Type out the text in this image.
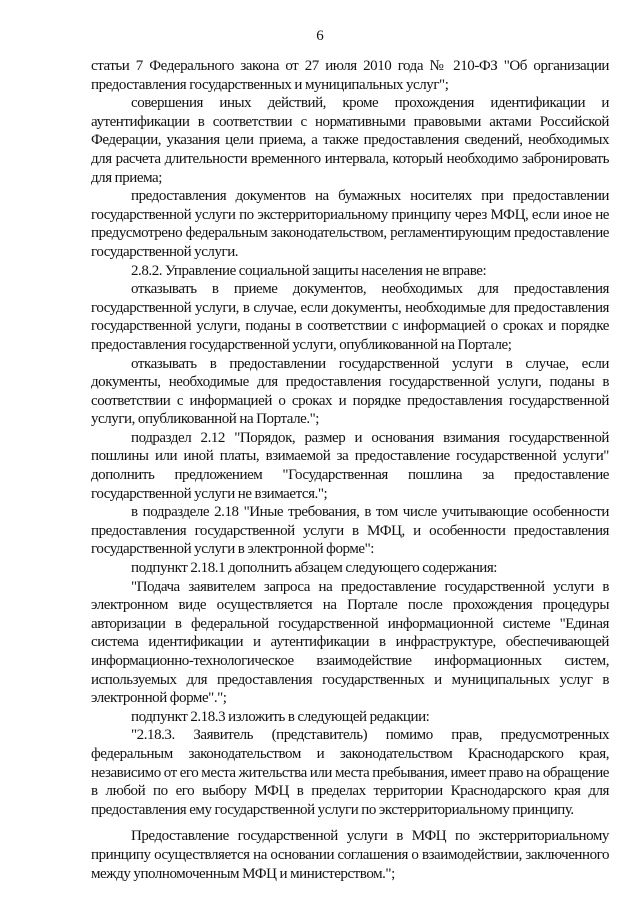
6

статьи 7 Федерального закона от 27 июля 2010 года № 210-ФЗ "Об организации предоставления государственных и муниципальных услуг";

совершения иных действий, кроме прохождения идентификации и аутентификации в соответствии с нормативными правовыми актами Российской Федерации, указания цели приема, а также предоставления сведений, необходимых для расчета длительности временного интервала, который необходимо забронировать для приема;

предоставления документов на бумажных носителях при предоставлении государственной услуги по экстерриториальному принципу через МФЦ, если иное не предусмотрено федеральным законодательством, регламентирующим предоставление государственной услуги.

2.8.2. Управление социальной защиты населения не вправе:

отказывать в приеме документов, необходимых для предоставления государственной услуги, в случае, если документы, необходимые для предоставления государственной услуги, поданы в соответствии с информацией о сроках и порядке предоставления государственной услуги, опубликованной на Портале;

отказывать в предоставлении государственной услуги в случае, если документы, необходимые для предоставления государственной услуги, поданы в соответствии с информацией о сроках и порядке предоставления государственной услуги, опубликованной на Портале.";

подраздел 2.12 "Порядок, размер и основания взимания государственной пошлины или иной платы, взимаемой за предоставление государственной услуги" дополнить предложением "Государственная пошлина за предоставление государственной услуги не взимается.";

в подразделе 2.18 "Иные требования, в том числе учитывающие особенности предоставления государственной услуги в МФЦ, и особенности предоставления государственной услуги в электронной форме":

подпункт 2.18.1 дополнить абзацем следующего содержания:

"Подача заявителем запроса на предоставление государственной услуги в электронном виде осуществляется на Портале после прохождения процедуры авторизации в федеральной государственной информационной системе "Единая система идентификации и аутентификации в инфраструктуре, обеспечивающей информационно-технологическое взаимодействие информационных систем, используемых для предоставления государственных и муниципальных услуг в электронной форме".";

подпункт 2.18.3 изложить в следующей редакции:

"2.18.3. Заявитель (представитель) помимо прав, предусмотренных федеральным законодательством и законодательством Краснодарского края, независимо от его места жительства или места пребывания, имеет право на обращение в любой по его выбору МФЦ в пределах территории Краснодарского края для предоставления ему государственной услуги по экстерриториальному принципу.

Предоставление государственной услуги в МФЦ по экстерриториальному принципу осуществляется на основании соглашения о взаимодействии, заключенного между уполномоченным МФЦ и министерством.";
